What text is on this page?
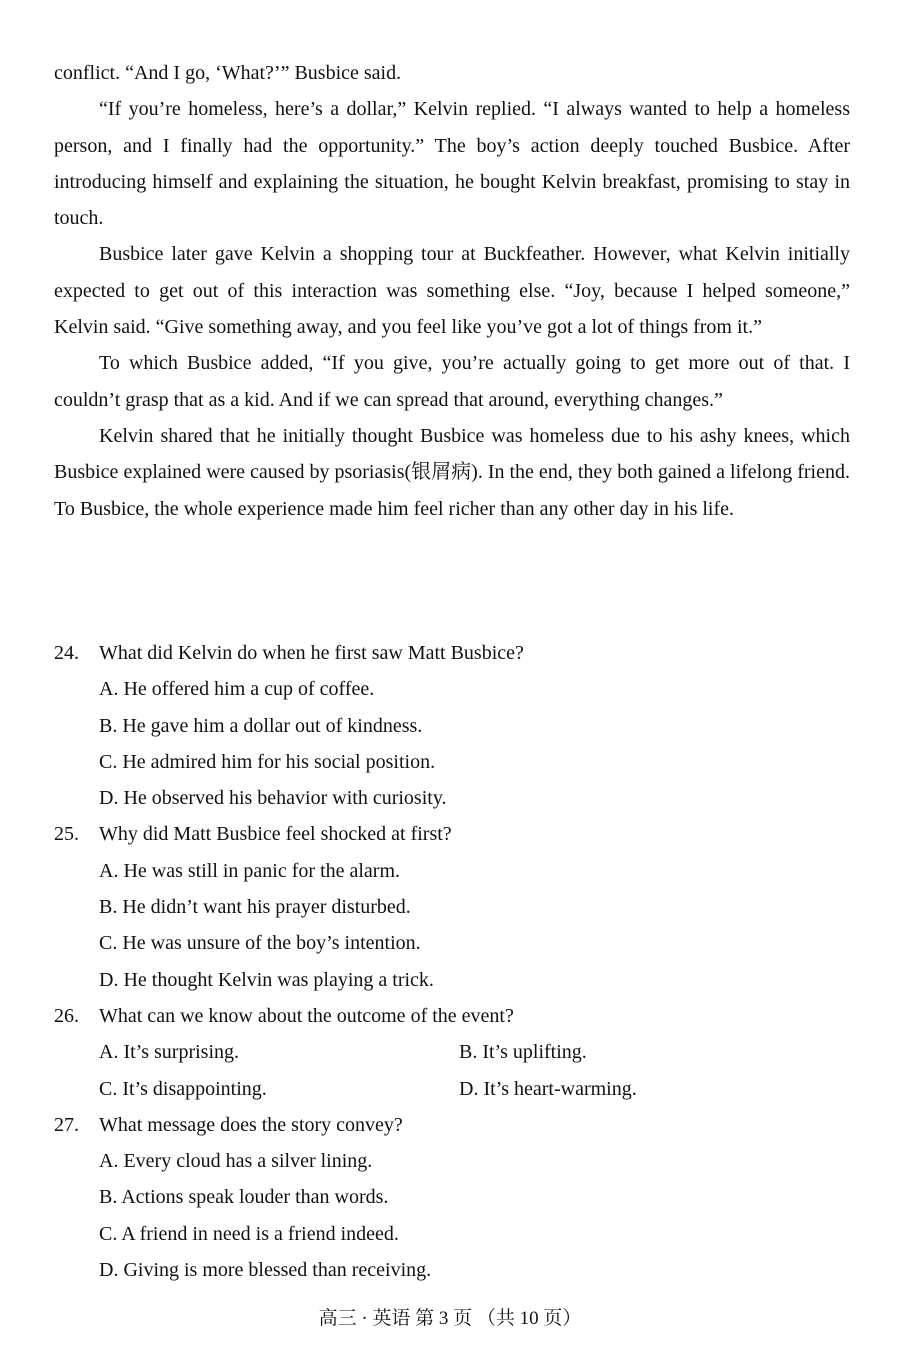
conflict. “And I go, ‘What?’” Busbice said.

“If you’re homeless, here’s a dollar,” Kelvin replied. “I always wanted to help a homeless person, and I finally had the opportunity.” The boy’s action deeply touched Busbice. After introducing himself and explaining the situation, he bought Kelvin breakfast, promising to stay in touch.

Busbice later gave Kelvin a shopping tour at Buckfeather. However, what Kelvin initially expected to get out of this interaction was something else. “Joy, because I helped someone,” Kelvin said. “Give something away, and you feel like you’ve got a lot of things from it.”

To which Busbice added, “If you give, you’re actually going to get more out of that. I couldn’t grasp that as a kid. And if we can spread that around, everything changes.”

Kelvin shared that he initially thought Busbice was homeless due to his ashy knees, which Busbice explained were caused by psoriasis(银屑病). In the end, they both gained a lifelong friend. To Busbice, the whole experience made him feel richer than any other day in his life.

24.	What did Kelvin do when he first saw Matt Busbice?
A. He offered him a cup of coffee.
B. He gave him a dollar out of kindness.
C. He admired him for his social position.
D. He observed his behavior with curiosity.
25.	Why did Matt Busbice feel shocked at first?
A. He was still in panic for the alarm.
B. He didn’t want his prayer disturbed.
C. He was unsure of the boy’s intention.
D. He thought Kelvin was playing a trick.
26.	What can we know about the outcome of the event?
A. It’s surprising.	B. It’s uplifting.
C. It’s disappointing.	D. It’s heart-warming.
27.	What message does the story convey?
A. Every cloud has a silver lining.
B. Actions speak louder than words.
C. A friend in need is a friend indeed.
D. Giving is more blessed than receiving.
高三 · 英语 第 3 页 （共 10 页）
